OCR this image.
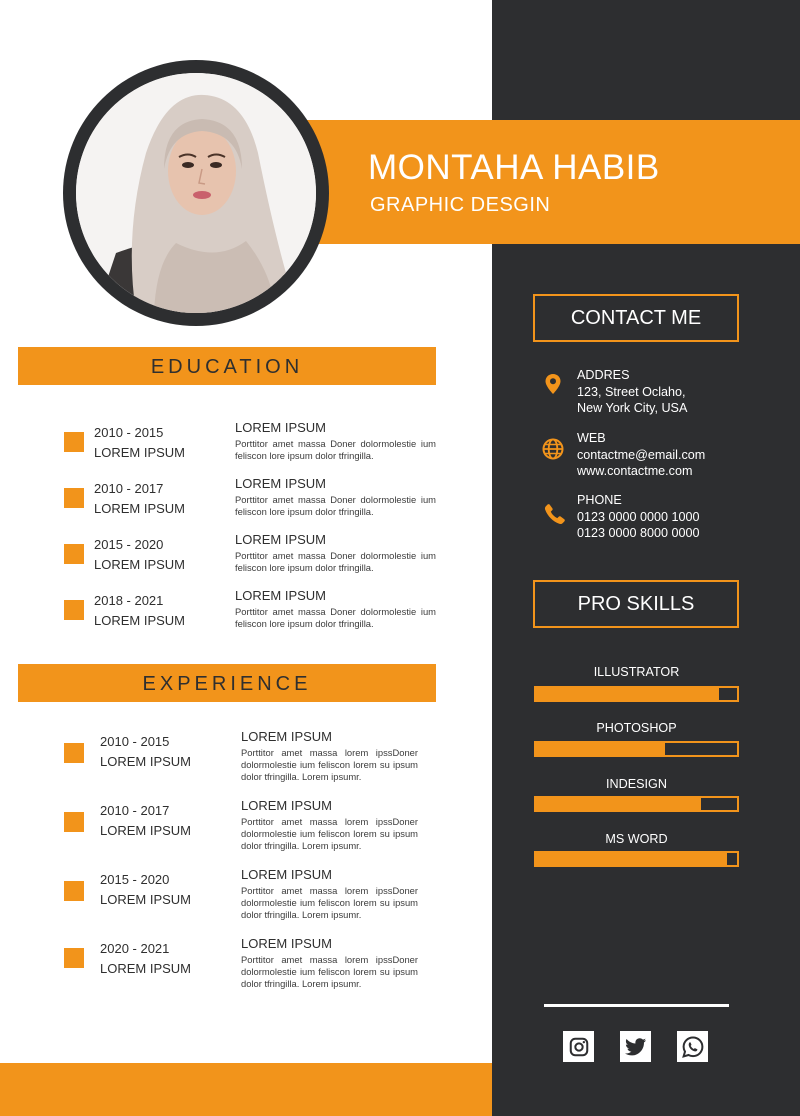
MONTAHA HABIB
GRAPHIC DESGIN
EDUCATION
2010 - 2015
LOREM IPSUM
LOREM IPSUM
Porttitor amet massa Doner dolormolestie ium feliscon lore ipsum dolor tfringilla.
2010 - 2017
LOREM IPSUM
LOREM IPSUM
Porttitor amet massa Doner dolormolestie ium feliscon lore ipsum dolor tfringilla.
2015 - 2020
LOREM IPSUM
LOREM IPSUM
Porttitor amet massa Doner dolormolestie ium feliscon lore ipsum dolor tfringilla.
2018 - 2021
LOREM IPSUM
LOREM IPSUM
Porttitor amet massa Doner dolormolestie ium feliscon lore ipsum dolor tfringilla.
EXPERIENCE
2010 - 2015
LOREM IPSUM
LOREM IPSUM
Porttitor amet massa lorem ipssDoner dolormolestie ium feliscon lorem su ipsum dolor tfringilla. Lorem ipsumr.
2010 - 2017
LOREM IPSUM
LOREM IPSUM
Porttitor amet massa lorem ipssDoner dolormolestie ium feliscon lorem su ipsum dolor tfringilla. Lorem ipsumr.
2015 - 2020
LOREM IPSUM
LOREM IPSUM
Porttitor amet massa lorem ipssDoner dolormolestie ium feliscon lorem su ipsum dolor tfringilla. Lorem ipsumr.
2020 - 2021
LOREM IPSUM
LOREM IPSUM
Porttitor amet massa lorem ipssDoner dolormolestie ium feliscon lorem su ipsum dolor tfringilla. Lorem ipsumr.
CONTACT ME
ADDRES
123, Street Oclaho,
New York City, USA
WEB
contactme@email.com
www.contactme.com
PHONE
0123 0000 0000 1000
0123 0000 8000 0000
PRO SKILLS
ILLUSTRATOR
PHOTOSHOP
INDESIGN
MS WORD
